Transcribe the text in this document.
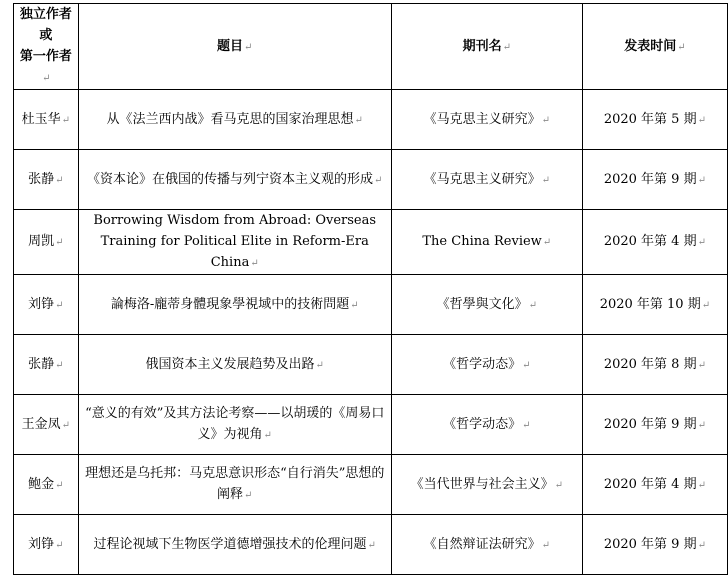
独立作者
或
第一作者↵	题目↵	期刊名↵	发表时间↵
杜玉华↵	从《法兰西内战》看马克思的国家治理思想↵	《马克思主义研究》↵	2020 年第 5 期↵
张静↵	《资本论》在俄国的传播与列宁资本主义观的形成↵	《马克思主义研究》↵	2020 年第 9 期↵
周凯↵	Borrowing Wisdom from Abroad: Overseas Training for Political Elite in Reform-Era China↵	The China Review↵	2020 年第 4 期↵
刘铮↵	論梅洛-龐蒂身體現象學視域中的技術問題↵	《哲學與文化》↵	2020 年第 10 期↵
张静↵	俄国资本主义发展趋势及出路↵	《哲学动态》↵	2020 年第 8 期↵
王金凤↵	“意义的有效”及其方法论考察——以胡瑗的《周易口义》为视角↵	《哲学动态》↵	2020 年第 9 期↵
鲍金↵	理想还是乌托邦：马克思意识形态“自行消失”思想的阐释↵	《当代世界与社会主义》↵	2020 年第 4 期↵
刘铮↵	过程论视域下生物医学道德增强技术的伦理问题↵	《自然辩证法研究》↵	2020 年第 9 期↵
